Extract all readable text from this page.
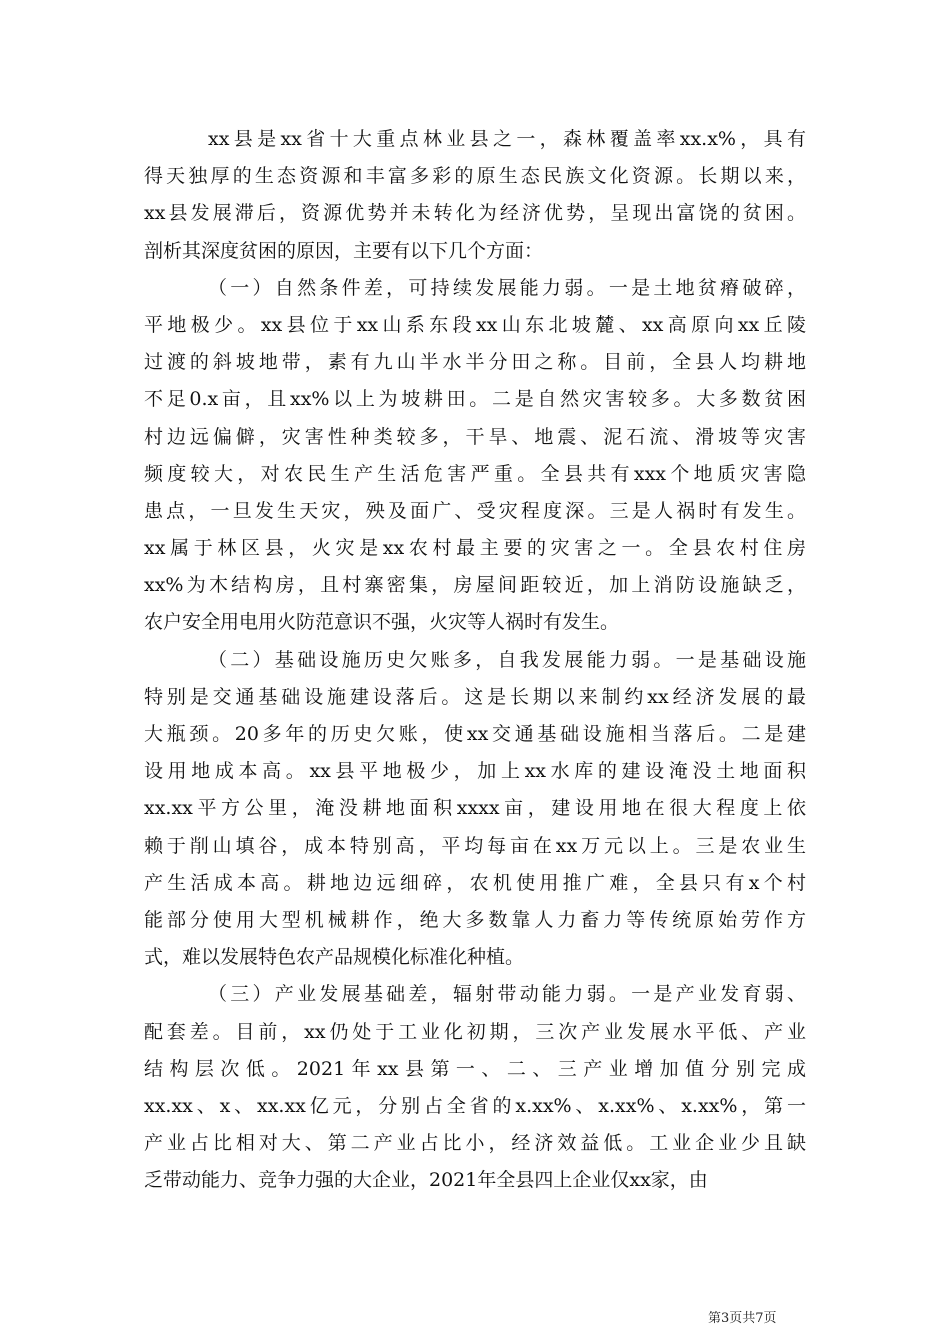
xx县是xx省十大重点林业县之一，森林覆盖率xx.x%，具有
得天独厚的生态资源和丰富多彩的原生态民族文化资源。长期以来，
xx县发展滞后，资源优势并未转化为经济优势，呈现出富饶的贫困。
剖析其深度贫困的原因，主要有以下几个方面：
（一）自然条件差，可持续发展能力弱。一是土地贫瘠破碎，
平地极少。xx县位于xx山系东段xx山东北坡麓、xx高原向xx丘陵
过渡的斜坡地带，素有九山半水半分田之称。目前，全县人均耕地
不足0.x亩，且xx%以上为坡耕田。二是自然灾害较多。大多数贫困
村边远偏僻，灾害性种类较多，干旱、地震、泥石流、滑坡等灾害
频度较大，对农民生产生活危害严重。全县共有xxx个地质灾害隐
患点，一旦发生天灾，殃及面广、受灾程度深。三是人祸时有发生。
xx属于林区县，火灾是xx农村最主要的灾害之一。全县农村住房
xx%为木结构房，且村寨密集，房屋间距较近，加上消防设施缺乏，
农户安全用电用火防范意识不强，火灾等人祸时有发生。
（二）基础设施历史欠账多，自我发展能力弱。一是基础设施
特别是交通基础设施建设落后。这是长期以来制约xx经济发展的最
大瓶颈。20多年的历史欠账，使xx交通基础设施相当落后。二是建
设用地成本高。xx县平地极少，加上xx水库的建设淹没土地面积
xx.xx平方公里，淹没耕地面积xxxx亩，建设用地在很大程度上依
赖于削山填谷，成本特别高，平均每亩在xx万元以上。三是农业生
产生活成本高。耕地边远细碎，农机使用推广难，全县只有x个村
能部分使用大型机械耕作，绝大多数靠人力畜力等传统原始劳作方
式，难以发展特色农产品规模化标准化种植。
（三）产业发展基础差，辐射带动能力弱。一是产业发育弱、
配套差。目前，xx仍处于工业化初期，三次产业发展水平低、产业
结构层次低。2021年xx县第一、二、三产业增加值分别完成
xx.xx、x、xx.xx亿元，分别占全省的x.xx%、x.xx%、x.xx%，第一
产业占比相对大、第二产业占比小，经济效益低。工业企业少且缺
乏带动能力、竞争力强的大企业，2021年全县四上企业仅xx家，由
第3页共7页
